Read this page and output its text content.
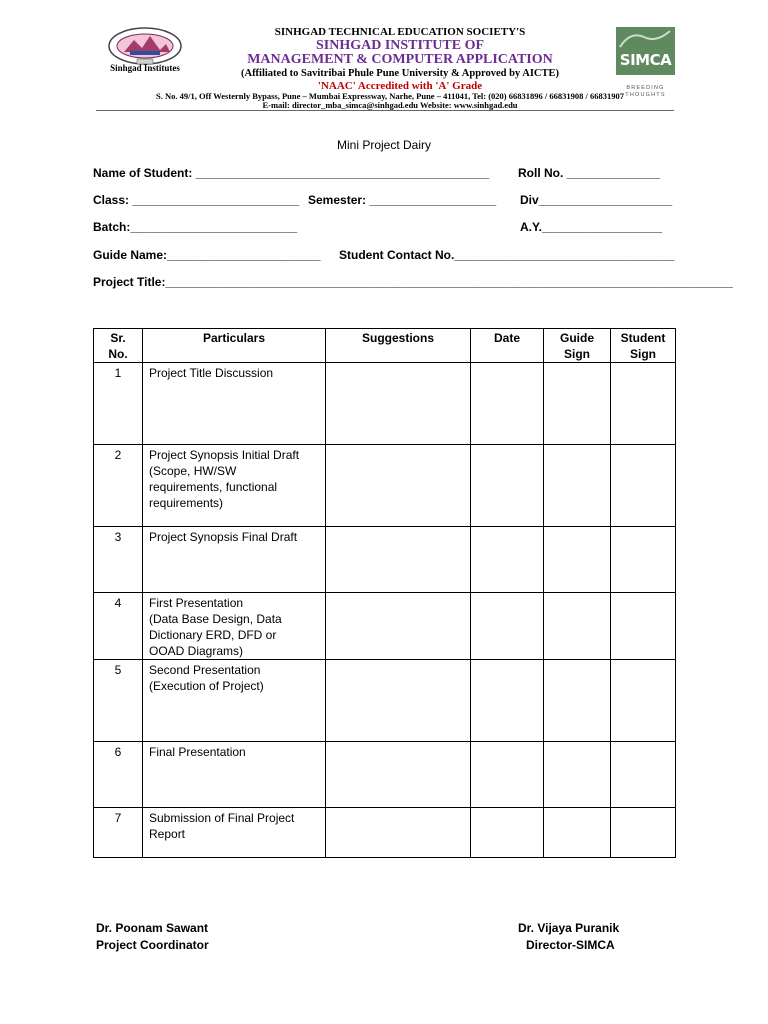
Sinhgad Institutes	SIMCA
BREEDING
THOUGHTS
SINHGAD TECHNICAL EDUCATION SOCIETY'S
SINHGAD INSTITUTE OF
MANAGEMENT & COMPUTER APPLICATION
(Affiliated to Savitribai Phule Pune University & Approved by AICTE)
'NAAC' Accredited with 'A' Grade
S. No. 49/1, Off Westernly Bypass, Pune – Mumbai Expressway, Narhe, Pune – 411041, Tel: (020) 66831896 / 66831908 / 66831907
E-mail: director_mba_simca@sinhgad.edu Website: www.sinhgad.edu
Mini Project Dairy
Name of Student: ____________________________________________ Roll No. ______________
Class: _________________________ Semester: ___________________ Div____________________
Batch:_________________________	A.Y.__________________
Guide Name:_______________________ Student Contact No._________________________________
Project Title:_____________________________________________________________________________________
Sr. No.	Particulars	Suggestions	Date	Guide Sign	Student Sign

1	Project Title Discussion				

2	Project Synopsis Initial Draft

(Scope, HW/SW

requirements, functional

requirements)				

3	Project Synopsis Final Draft				

4	First Presentation

(Data Base Design, Data

Dictionary ERD, DFD or

OOAD Diagrams)				

5	Second Presentation

(Execution of Project)				

6	Final Presentation				

7	Submission of Final Project

Report				

Dr. Poonam Sawant
Project Coordinator
Dr. Vijaya Puranik
Director-SIMCA
